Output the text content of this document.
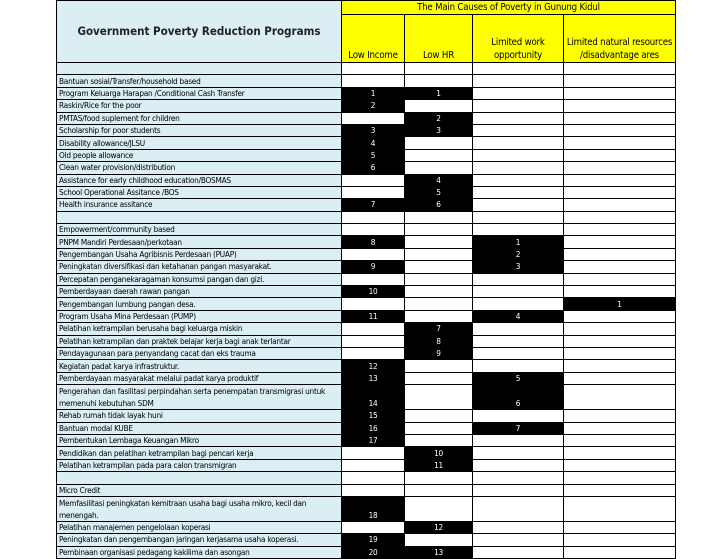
Government Poverty Reduction Programs	The Main Causes of Poverty in Gunung Kidul			
	Low Income	Low HR	Limited work opportunity	Limited natural resources /disadvantage ares

Bantuan sosial/Transfer/household based				
Program Keluarga Harapan /Conditional Cash Transfer	1	1		
Raskin/Rice for the poor	2			
PMTAS/food suplement for children		2		
Scholarship for poor students	3	3		
Disability allowance/JLSU	4			
Old people allowance	5			
Clean water provision/distribution	6			
Assistance for early childhood education/BOSMAS		4		
School Operational Assitance /BOS		5		
Health insurance assitance	7	6		

Empowerment/community based				
PNPM Mandiri Perdesaan/perkotaan	8		1	
Pengembangan Usaha Agribisnis Perdesaan (PUAP)			2	
Peningkatan diversifikasi dan ketahanan pangan masyarakat.	9		3	
Percepatan penganekaragaman konsumsi pangan dan gizi.				
Pemberdayaan daerah rawan pangan	10			
Pengembangan lumbung pangan desa.				1
Program Usaha Mina Perdesaan (PUMP)	11		4	
Pelatihan ketrampilan berusaha bagi keluarga miskin		7		
Pelatihan ketrampilan dan praktek belajar kerja bagi anak terlantar		8		
Pendayagunaan para penyandang cacat dan eks trauma		9		
Kegiatan padat karya infrastruktur.	12			
Pemberdayaan masyarakat melalui padat karya produktif	13		5	
Pengerahan dan fasilitasi perpindahan serta penempatan transmigrasi untuk memenuhi kebutuhan SDM	14		6	
Rehab rumah tidak layak huni	15			
Bantuan modal KUBE	16		7	
Pembentukan Lembaga Keuangan Mikro	17			
Pendidikan dan pelatihan ketrampilan bagi pencari kerja		10		
Pelatihan ketrampilan pada para calon transmigran		11		

Micro Credit				
Memfasilitasi peningkatan kemitraan usaha bagi usaha mikro, kecil dan menengah.	18			
Pelatihan manajemen pengelolaan koperasi		12		
Peningkatan dan pengembangan jaringan kerjasama usaha koperasi.	19			
Pembinaan organisasi pedagang kakilima dan asongan	20	13		
